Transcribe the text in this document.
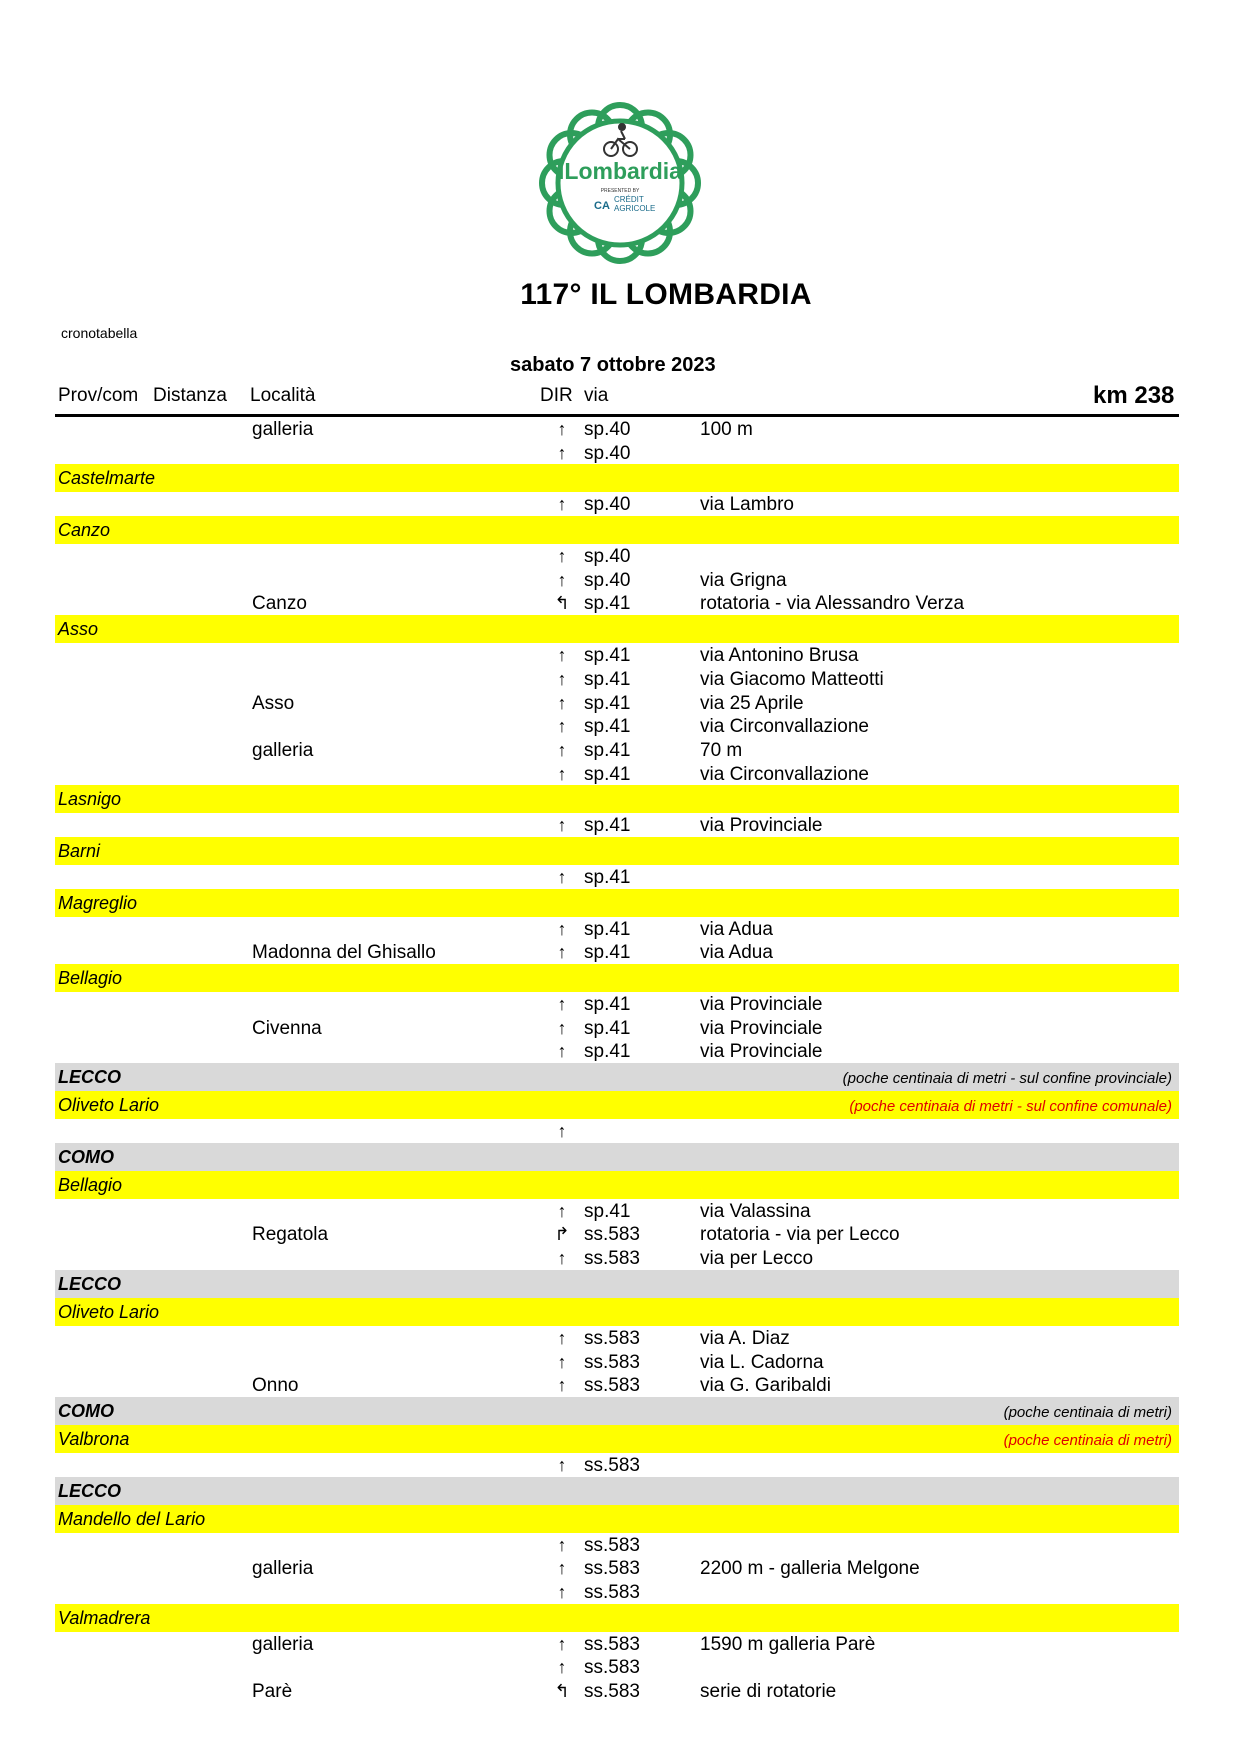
ILombardia
PRESENTED BY
CA
CRÉDIT
AGRICOLE
117° IL LOMBARDIA
cronotabella
sabato 7 ottobre 2023
Prov/com Distanza Località	DIR via	km 238
galleria	↑ sp.40	100 m
↑ sp.40
Castelmarte
↑ sp.40	via Lambro
Canzo
↑ sp.40
↑ sp.40	via Grigna
Canzo	↰ sp.41	rotatoria - via Alessandro Verza
Asso
↑ sp.41	via Antonino Brusa
↑ sp.41	via Giacomo Matteotti
Asso	↑ sp.41	via 25 Aprile
↑ sp.41	via Circonvallazione
galleria	↑ sp.41	70 m
↑ sp.41	via Circonvallazione
Lasnigo
↑ sp.41	via Provinciale
Barni
↑ sp.41
Magreglio
↑ sp.41	via Adua
Madonna del Ghisallo	↑ sp.41	via Adua
Bellagio
↑ sp.41	via Provinciale
Civenna	↑ sp.41	via Provinciale
↑ sp.41	via Provinciale
LECCO	(poche centinaia di metri - sul confine provinciale)
Oliveto Lario	(poche centinaia di metri - sul confine comunale)
↑
COMO
Bellagio
↑ sp.41	via Valassina
Regatola	↱ ss.583	rotatoria - via per Lecco
↑ ss.583	via per Lecco
LECCO
Oliveto Lario
↑ ss.583	via A. Diaz
↑ ss.583	via L. Cadorna
Onno	↑ ss.583	via G. Garibaldi
COMO	(poche centinaia di metri)
Valbrona	(poche centinaia di metri)
↑ ss.583
LECCO
Mandello del Lario
↑ ss.583
galleria	↑ ss.583	2200 m - galleria Melgone
↑ ss.583
Valmadrera
galleria	↑ ss.583	1590 m galleria Parè
↑ ss.583
Parè	↰ ss.583	serie di rotatorie
